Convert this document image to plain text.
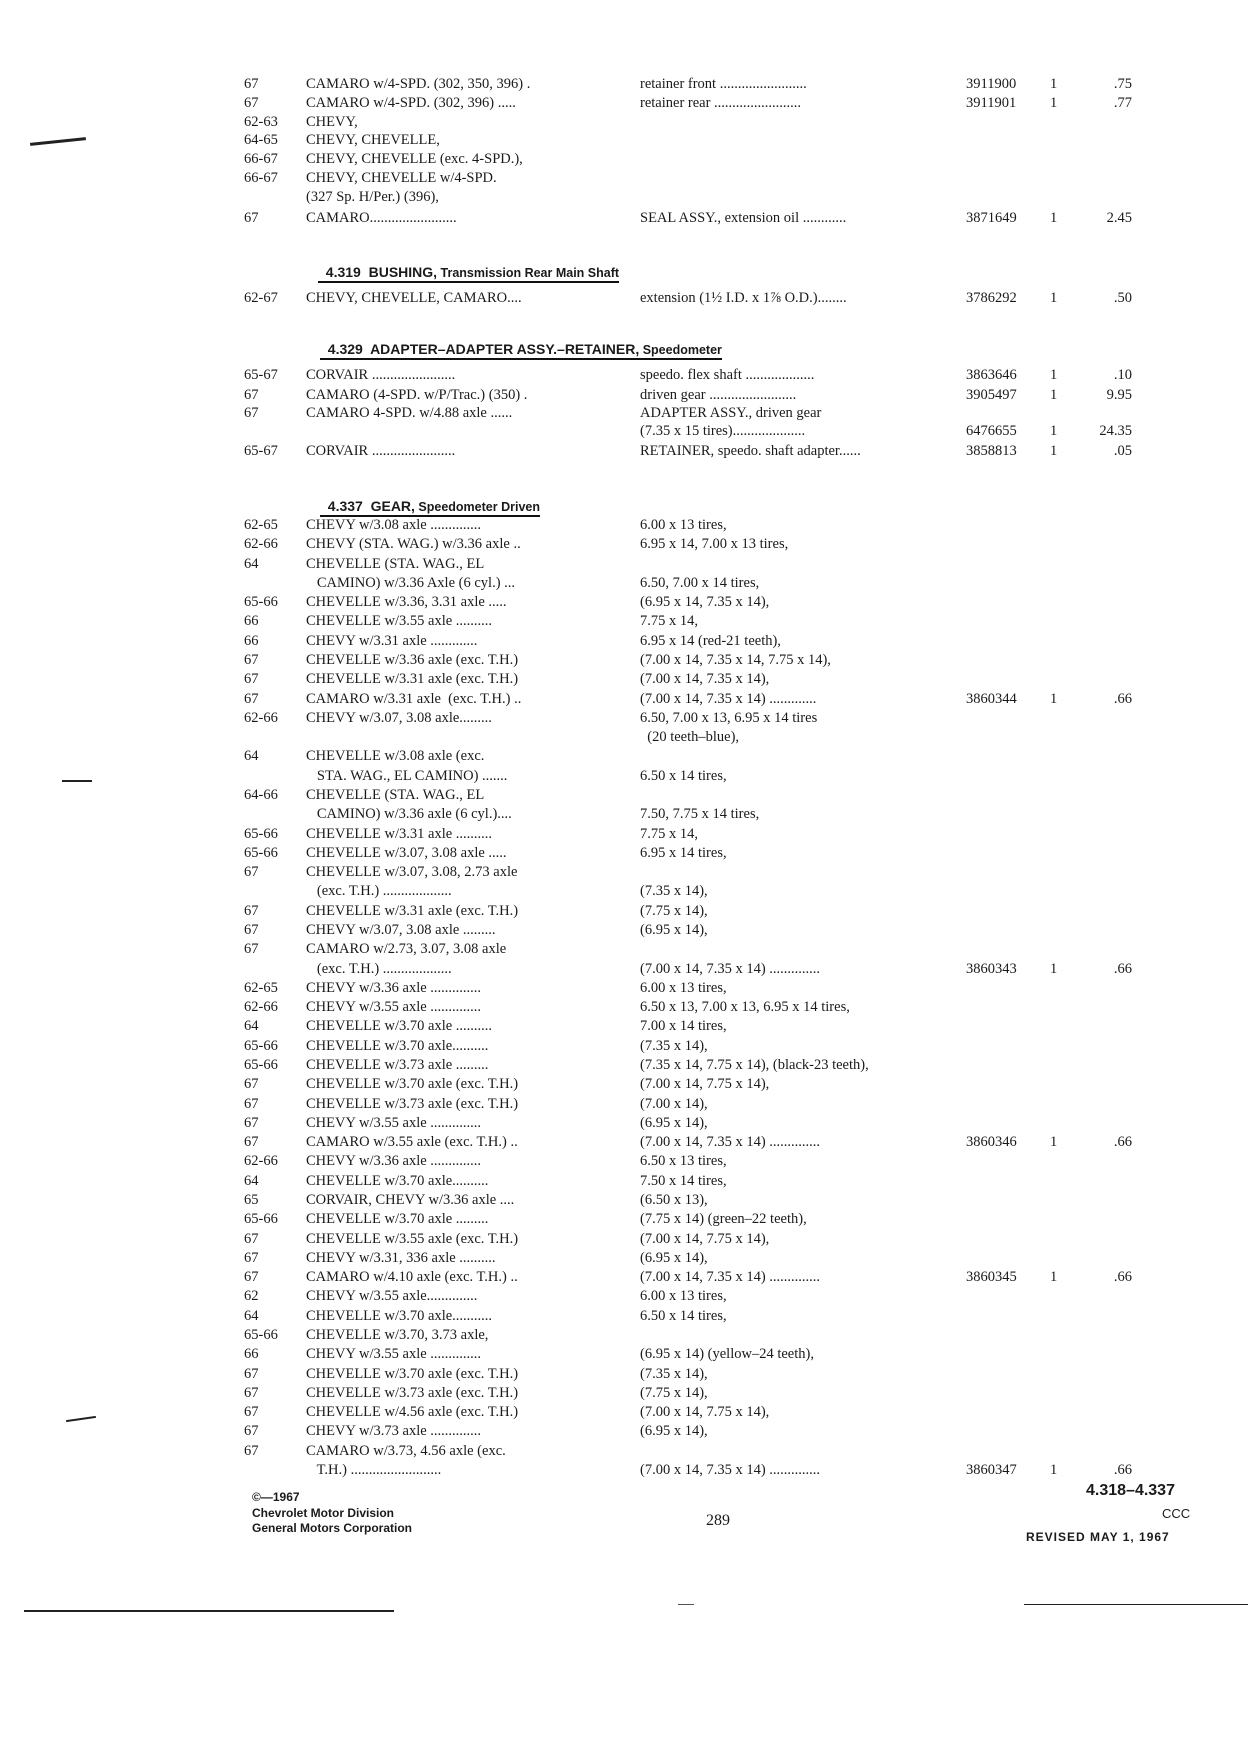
67	CAMARO w/4-SPD. (302, 350, 396) .	retainer front ........................	3911900 1	.75
67	CAMARO w/4-SPD. (302, 396) .....	retainer rear ........................	3911901 1	.77
62-63 CHEVY,
64-65 CHEVY, CHEVELLE,
66-67 CHEVY, CHEVELLE (exc. 4-SPD.),
66-67 CHEVY, CHEVELLE w/4-SPD.
(327 Sp. H/Per.) (396),
67	CAMARO........................	SEAL ASSY., extension oil ............	3871649 1	2.45

4.319  BUSHING, Transmission Rear Main Shaft

62-67 CHEVY, CHEVELLE, CAMARO....	extension (1½ I.D. x 1⅞ O.D.)........	3786292 1	.50

4.329  ADAPTER–ADAPTER ASSY.–RETAINER, Speedometer

65-67 CORVAIR .......................	speedo. flex shaft ...................	3863646 1	.10
67	CAMARO (4-SPD. w/P/Trac.) (350) .	driven gear ........................	3905497 1	9.95
67	CAMARO 4-SPD. w/4.88 axle ......	ADAPTER ASSY., driven gear
(7.35 x 15 tires)....................	6476655 1	24.35
65-67 CORVAIR .......................	RETAINER, speedo. shaft adapter......	3858813 1	.05

4.337  GEAR, Speedometer Driven

62-65 CHEVY w/3.08 axle ..............	6.00 x 13 tires,
62-66 CHEVY (STA. WAG.) w/3.36 axle ..	6.95 x 14, 7.00 x 13 tires,
64	CHEVELLE (STA. WAG., EL
CAMINO) w/3.36 Axle (6 cyl.) ...	6.50, 7.00 x 14 tires,
65-66 CHEVELLE w/3.36, 3.31 axle .....	(6.95 x 14, 7.35 x 14),
66	CHEVELLE w/3.55 axle ..........	7.75 x 14,
66	CHEVY w/3.31 axle .............	6.95 x 14 (red-21 teeth),
67	CHEVELLE w/3.36 axle (exc. T.H.)	(7.00 x 14, 7.35 x 14, 7.75 x 14),
67	CHEVELLE w/3.31 axle (exc. T.H.)	(7.00 x 14, 7.35 x 14),
67	CAMARO w/3.31 axle  (exc. T.H.) ..	(7.00 x 14, 7.35 x 14) .............	3860344 1	.66
62-66 CHEVY w/3.07, 3.08 axle.........	6.50, 7.00 x 13, 6.95 x 14 tires
(20 teeth–blue),
64	CHEVELLE w/3.08 axle (exc.
STA. WAG., EL CAMINO) .......	6.50 x 14 tires,
64-66 CHEVELLE (STA. WAG., EL
CAMINO) w/3.36 axle (6 cyl.)....	7.50, 7.75 x 14 tires,
65-66 CHEVELLE w/3.31 axle ..........	7.75 x 14,
65-66 CHEVELLE w/3.07, 3.08 axle .....	6.95 x 14 tires,
67	CHEVELLE w/3.07, 3.08, 2.73 axle
(exc. T.H.) ...................	(7.35 x 14),
67	CHEVELLE w/3.31 axle (exc. T.H.)	(7.75 x 14),
67	CHEVY w/3.07, 3.08 axle .........	(6.95 x 14),
67	CAMARO w/2.73, 3.07, 3.08 axle
(exc. T.H.) ...................	(7.00 x 14, 7.35 x 14) ..............	3860343 1	.66
62-65 CHEVY w/3.36 axle ..............	6.00 x 13 tires,
62-66 CHEVY w/3.55 axle ..............	6.50 x 13, 7.00 x 13, 6.95 x 14 tires,
64	CHEVELLE w/3.70 axle ..........	7.00 x 14 tires,
65-66 CHEVELLE w/3.70 axle..........	(7.35 x 14),
65-66 CHEVELLE w/3.73 axle .........	(7.35 x 14, 7.75 x 14), (black-23 teeth),
67	CHEVELLE w/3.70 axle (exc. T.H.)	(7.00 x 14, 7.75 x 14),
67	CHEVELLE w/3.73 axle (exc. T.H.)	(7.00 x 14),
67	CHEVY w/3.55 axle ..............	(6.95 x 14),
67	CAMARO w/3.55 axle (exc. T.H.) ..	(7.00 x 14, 7.35 x 14) ..............	3860346 1	.66
62-66 CHEVY w/3.36 axle ..............	6.50 x 13 tires,
64	CHEVELLE w/3.70 axle..........	7.50 x 14 tires,
65	CORVAIR, CHEVY w/3.36 axle ....	(6.50 x 13),
65-66 CHEVELLE w/3.70 axle .........	(7.75 x 14) (green–22 teeth),
67	CHEVELLE w/3.55 axle (exc. T.H.)	(7.00 x 14, 7.75 x 14),
67	CHEVY w/3.31, 336 axle ..........	(6.95 x 14),
67	CAMARO w/4.10 axle (exc. T.H.) ..	(7.00 x 14, 7.35 x 14) ..............	3860345 1	.66
62	CHEVY w/3.55 axle..............	6.00 x 13 tires,
64	CHEVELLE w/3.70 axle...........	6.50 x 14 tires,
65-66 CHEVELLE w/3.70, 3.73 axle,
66	CHEVY w/3.55 axle ..............	(6.95 x 14) (yellow–24 teeth),
67	CHEVELLE w/3.70 axle (exc. T.H.)	(7.35 x 14),
67	CHEVELLE w/3.73 axle (exc. T.H.)	(7.75 x 14),
67	CHEVELLE w/4.56 axle (exc. T.H.)	(7.00 x 14, 7.75 x 14),
67	CHEVY w/3.73 axle ..............	(6.95 x 14),
67	CAMARO w/3.73, 4.56 axle (exc.
T.H.) .........................	(7.00 x 14, 7.35 x 14) ..............	3860347 1	.66
©—1967
Chevrolet Motor Division
General Motors Corporation	289
4.318–4.337
CCC
REVISED MAY 1, 1967
